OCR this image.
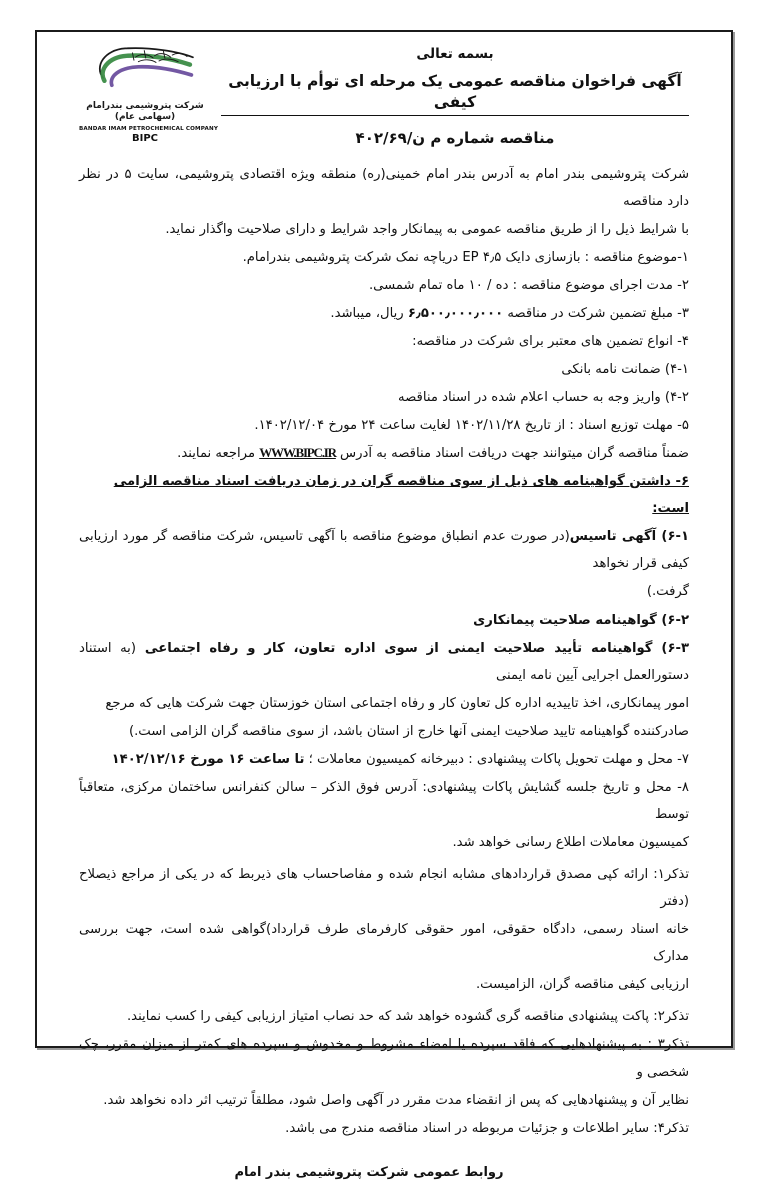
بسمه تعالی
آگهی فراخوان مناقصه عمومی یک مرحله ای توأم با ارزیابی کیفی
مناقصه شماره م ن/۴۰۲/۶۹
شرکت پتروشیمی بندرامام (سهامی عام)
BANDAR IMAM PETROCHEMICAL COMPANY
BIPC

شرکت پتروشیمی بندر امام به آدرس بندر امام خمینی(ره) منطقه ویژه اقتصادی پتروشیمی، سایت ۵ در نظر دارد مناقصه

با شرایط ذیل را از طریق مناقصه عمومی به پیمانکار واجد شرایط و دارای صلاحیت واگذار نماید.

۱-موضوع مناقصه : بازسازی دایک ۴٫۵ EP دریاچه نمک شرکت پتروشیمی بندرامام.

۲- مدت اجرای موضوع مناقصه : ده / ۱۰ ماه تمام شمسی.

۳- مبلغ تضمین شرکت در مناقصه ۶٫۵۰۰٫۰۰۰٫۰۰۰ ریال، میباشد.

۴- انواع تضمین های معتبر برای شرکت در مناقصه:

۴-۱) ضمانت نامه بانکی

۴-۲) واریز وجه به حساب اعلام شده در اسناد مناقصه

۵- مهلت توزیع اسناد : از تاریخ ۱۴۰۲/۱۱/۲۸ لغایت ساعت ۲۴ مورخ ۱۴۰۲/۱۲/۰۴.

ضمناً مناقصه گران میتوانند جهت دریافت اسناد مناقصه به آدرس WWW.BIPC.IR مراجعه نمایند.

۶- داشتن گواهینامه های ذیل از سوی مناقصه گران در زمان دریافت اسناد مناقصه الزامی است:

۶-۱) آگهی تاسیس(در صورت عدم انطباق موضوع مناقصه با آگهی تاسیس، شرکت مناقصه گر مورد ارزیابی کیفی قرار نخواهد

گرفت.)

۶-۲) گواهینامه صلاحیت پیمانکاری

۶-۳) گواهینامه تأیید صلاحیت ایمنی از سوی اداره تعاون، کار و رفاه اجتماعی (به استناد دستورالعمل اجرایی آیین نامه ایمنی

امور پیمانکاری، اخذ تاییدیه اداره کل تعاون کار و رفاه اجتماعی استان خوزستان جهت شرکت هایی که مرجع

صادرکننده گواهینامه تایید صلاحیت ایمنی آنها خارج از استان باشد، از سوی مناقصه گران الزامی است.)

۷- محل و مهلت تحویل پاکات پیشنهادی : دبیرخانه کمیسیون معاملات ؛ تا ساعت ۱۶ مورخ ۱۴۰۲/۱۲/۱۶

۸- محل و تاریخ جلسه گشایش پاکات پیشنهادی: آدرس فوق الذکر – سالن کنفرانس ساختمان مرکزی، متعاقباً توسط

کمیسیون معاملات اطلاع رسانی خواهد شد.

تذکر۱: ارائه کپی مصدق قراردادهای مشابه انجام شده و مفاصاحساب های ذیربط که در یکی از مراجع ذیصلاح (دفتر

خانه اسناد رسمی، دادگاه حقوقی، امور حقوقی کارفرمای طرف قرارداد)گواهی شده است، جهت بررسی مدارک

ارزیابی کیفی مناقصه گران، الزامیست.

تذکر۲: پاکت پیشنهادی مناقصه گری گشوده خواهد شد که حد نصاب امتیاز ارزیابی کیفی را کسب نمایند.

تذکر۳ : به پیشنهادهایی که فاقد سپرده یا امضاء مشروط و مخدوش و سپرده های کمتر از میزان مقرر، چک شخصی و

نظایر آن و پیشنهادهایی که پس از انقضاء مدت مقرر در آگهی واصل شود، مطلقاً ترتیب اثر داده نخواهد شد.

تذکر۴: سایر اطلاعات و جزئیات مربوطه در اسناد مناقصه مندرج می باشد.

روابط عمومی شرکت پتروشیمی بندر امام
